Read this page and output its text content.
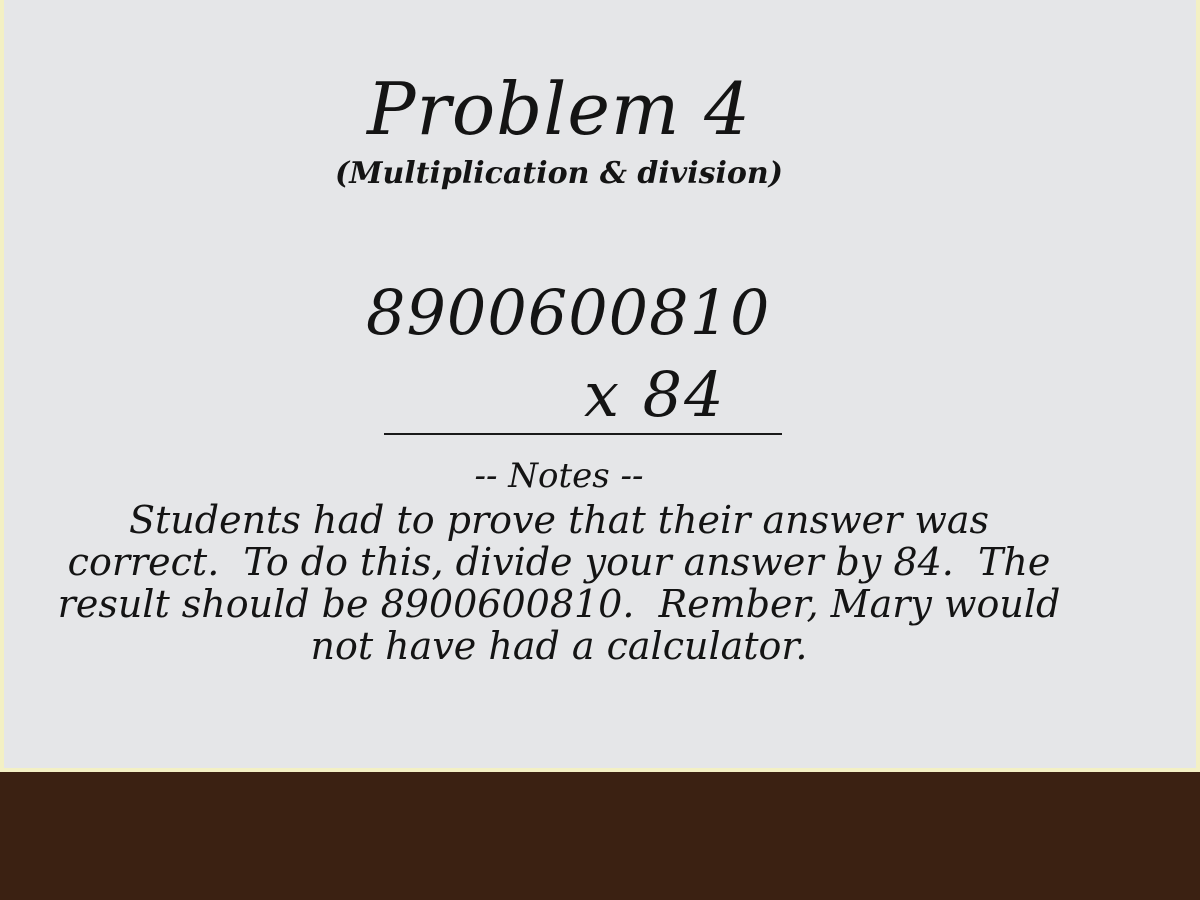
Problem 4
(Multiplication & division)
8900600810
x 84
-- Notes --
Students had to prove that their answer was
correct.  To do this, divide your answer by 84.  The
result should be 8900600810.  Rember, Mary would
not have had a calculator.
